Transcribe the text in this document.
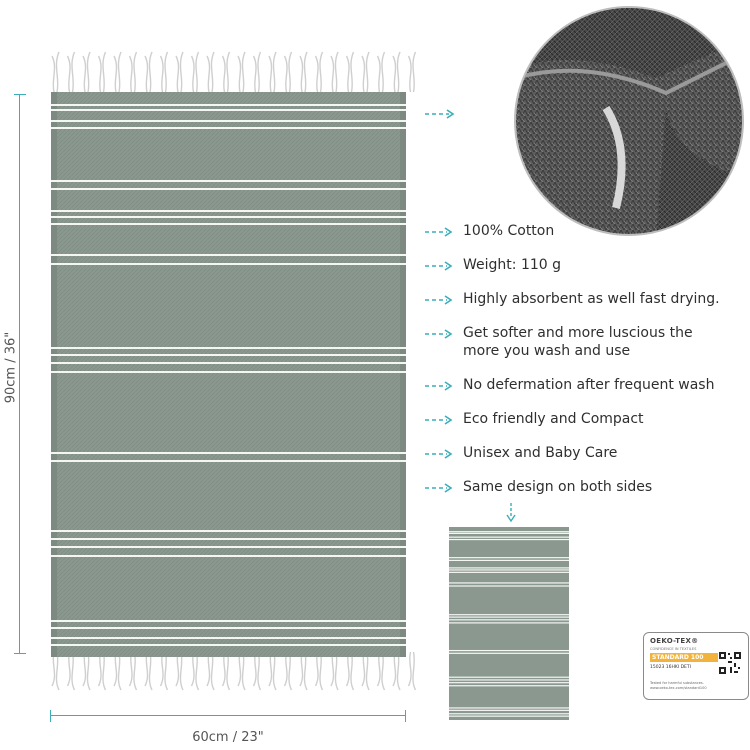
90cm / 36"
60cm / 23"
100% Cotton
Weight: 110 g
Highly absorbent as well fast drying.
Get softer and more luscious the more you wash and use
No defermation after frequent wash
Eco friendly and Compact
Unisex and Baby Care
Same design on both sides
OEKO-TEX®
CONFIDENCE IN TEXTILES
STANDARD 100
15023 16HKI DETI
Tested for harmful substances. www.oeko-tex.com/standard100
